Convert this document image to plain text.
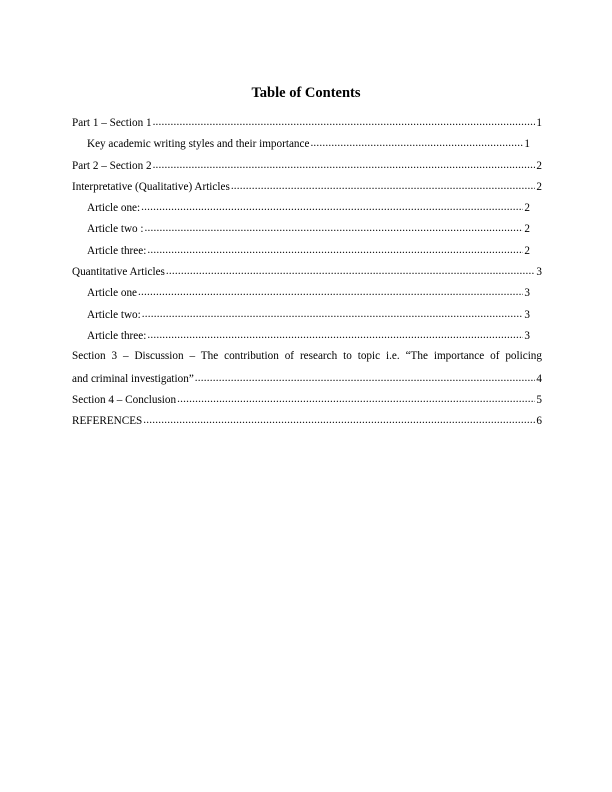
Table of Contents
Part 1 – Section 1 .....	1
Key academic writing styles and their importance .....	1
Part 2 – Section 2 .....	2
Interpretative (Qualitative) Articles .....	2
Article one: .....	2
Article two : .....	2
Article three: .....	2
Quantitative Articles .....	3
Article one .....	3
Article two: .....	3
Article three: .....	3
Section 3 – Discussion – The contribution of research to topic i.e. “The importance of policing
and criminal investigation” .....	4
Section 4 – Conclusion .....	5
REFERENCES .....	6
